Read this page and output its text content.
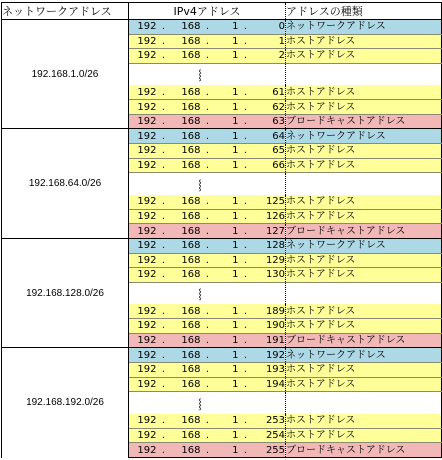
ネットワークアドレス	IPv4アドレス							アドレスの種類
192.168.1.0/26	192	.	168	.	1	.	0	ネットワークアドレス
	192	.	168	.	1	.	1	ホストアドレス
	192	.	168	.	1	.	2	ホストアドレス

	⸾							

	192	.	168	.	1	.	61	ホストアドレス
	192	.	168	.	1	.	62	ホストアドレス
	192	.	168	.	1	.	63	ブロードキャストアドレス
192.168.64.0/26	192	.	168	.	1	.	64	ネットワークアドレス
	192	.	168	.	1	.	65	ホストアドレス
	192	.	168	.	1	.	66	ホストアドレス

	⸾							

	192	.	168	.	1	.	125	ホストアドレス
	192	.	168	.	1	.	126	ホストアドレス
	192	.	168	.	1	.	127	ブロードキャストアドレス
192.168.128.0/26	192	.	168	.	1	.	128	ネットワークアドレス
	192	.	168	.	1	.	129	ホストアドレス
	192	.	168	.	1	.	130	ホストアドレス

	⸾							

	192	.	168	.	1	.	189	ホストアドレス
	192	.	168	.	1	.	190	ホストアドレス
	192	.	168	.	1	.	191	ブロードキャストアドレス
192.168.192.0/26	192	.	168	.	1	.	192	ネットワークアドレス
	192	.	168	.	1	.	193	ホストアドレス
	192	.	168	.	1	.	194	ホストアドレス

	⸾							

	192	.	168	.	1	.	253	ホストアドレス
	192	.	168	.	1	.	254	ホストアドレス
	192	.	168	.	1	.	255	ブロードキャストアドレス
